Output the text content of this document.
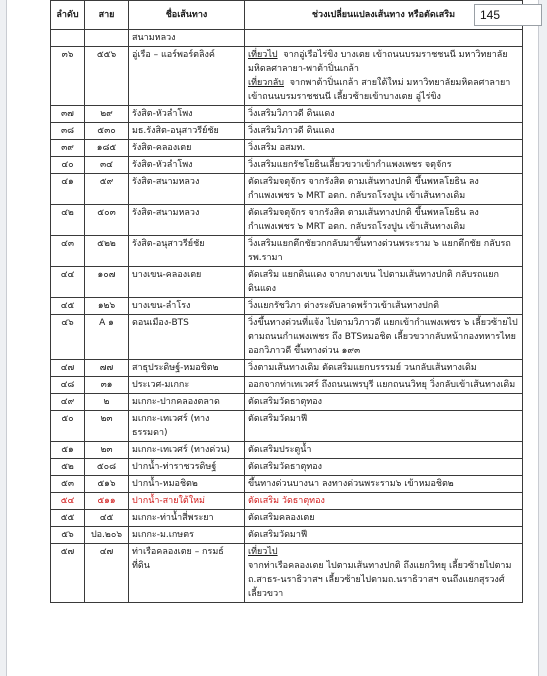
ลำดับ	สาย	ชื่อเส้นทาง	ช่วงเปลี่ยนแปลงเส้นทาง หรือตัดเสริม
		สนามหลวง	
๓๖	๕๕๖	อู่เรือ – แอร์พอร์ตลิงค์	เที่ยวไป จากอู่เรือไร่ขิง บางเตย เข้าถนนบรมราชชนนี มหาวิทยาลัยมหิดลศาลายา-พาต้าปิ่นเกล้า
เที่ยวกลับ จากพาต้าปิ่นเกล้า สายใต้ใหม่ มหาวิทยาลัยมหิดลศาลายา เข้าถนนบรมราชชนนี เลี้ยวซ้ายเข้าบางเตย อู่ไร่ขิง

๓๗	๒๙	รังสิต-หัวลำโพง	วิ่งเสริมวิภาวดี ดินแดง

๓๘	๕๓๐	มธ.รังสิต-อนุสาวรีย์ชัย	วิ่งเสริมวิภาวดี ดินแดง

๓๙	๑๘๕	รังสิต-คลองเตย	วิ่งเสริม อสมท.

๔๐	๓๔	รังสิต-หัวลำโพง	วิ่งเสริมแยกรัชโยธินเลี้ยวขวาเข้ากำแพงเพชร จตุจักร

๔๑	๕๙	รังสิต-สนามหลวง	ตัดเสริมจตุจักร จากรังสิต ตามเส้นทางปกติ ขึ้นพหลโยธิน ลงกำแพงเพชร ๖ MRT อตก. กลับรถโรงปูน เข้าเส้นทางเดิม

๔๒	๕๐๓	รังสิต-สนามหลวง	ตัดเสริมจตุจักร จากรังสิต ตามเส้นทางปกติ ขึ้นพหลโยธิน ลงกำแพงเพชร ๖ MRT อตก. กลับรถโรงปูน เข้าเส้นทางเดิม

๔๓	๕๒๒	รังสิต-อนุสาวรีย์ชัย	วิ่งเสริมแยกตึกชัยวกกลับมาขึ้นทางด่วนพระราม ๖ แยกตึกชัย กลับรถ รพ.รามา

๔๔	๑๐๗	บางเขน-คลองเตย	ตัดเสริม แยกดินแดง จากบางเขน ไปตามเส้นทางปกติ กลับรถแยกดินแดง

๔๕	๑๒๖	บางเขน-ลำโรง	วิ่งแยกรัชวิภา ต่างระดับลาดพร้าวเข้าเส้นทางปกติ

๔๖	A ๑	ดอนเมือง-BTS	วิ่งขึ้นทางด่วนที่แจ้ง ไปตามวิภาวดี แยกเข้ากำแพงเพชร ๖ เลี้ยวซ้ายไปตามถนนกำแพงเพชร ถึง BTSหมอชิต เลี้ยวขวากลับหน้ากองทหารไทยออกวิภาวดี ขึ้นทางด่วน ๑๙๓

๔๗	๗๗	สาธุประดิษฐ์-หมอชิต๒	วิ่งตามเส้นทางเดิม ตัดเสริมแยกบรรรมย์ วนกลับเส้นทางเดิม

๔๘	๓๑	ประเวศ-มเกกะ	ออกจากท่าเทเวศร์ ถึงถนนเพรบุรี แยกถนนวิทยุ วิ่งกลับเข้าเส้นทางเดิม

๔๙	๒	มเกกะ-ปากคลองตลาด	ตัดเสริมวัดธาตุทอง

๕๐	๒๓	มเกกะ-เทเวศร์ (ทาง ธรรมดา)	ตัดเสริมวัดมาฟี

๕๑	๒๓	มเกกะ-เทเวศร์ (ทางด่วน)	ตัดเสริมประตูน้ำ

๕๒	๕๐๘	ปากน้ำ-ท่าราชวรดิษฐ์	ตัดเสริมวัดธาตุทอง

๕๓	๕๑๖	ปากน้ำ-หมอชิต๒	ขึ้นทางด่วนบางนา ลงทางด่วนพระราม๖ เข้าหมอชิต๒

๕๔	๕๑๑	ปากน้ำ-สายใต้ใหม่	ตัดเสริม วัดธาตุทอง

๕๕	๔๕	มเกกะ-ท่าน้ำสี่พระยา	ตัดเสริมคลองเตย

๕๖	ปอ.๒๐๖	มเกกะ-ม.เกษตร	ตัดเสริมวัดมาฟี

๕๗	๔๗	ท่าเรือคลองเตย – กรมธ์ ที่ดิน	เที่ยวไป
จากท่าเรือคลองเตย ไปตามเส้นทางปกติ ถึงแยกวิทยุ เลี้ยวซ้ายไปตามถ.สาธร-นราธิวาสฯ เลี้ยวซ้ายไปตามถ.นราธิวาสฯ จนถึงแยกสุรวงศ์ เลี้ยวขวา
145
